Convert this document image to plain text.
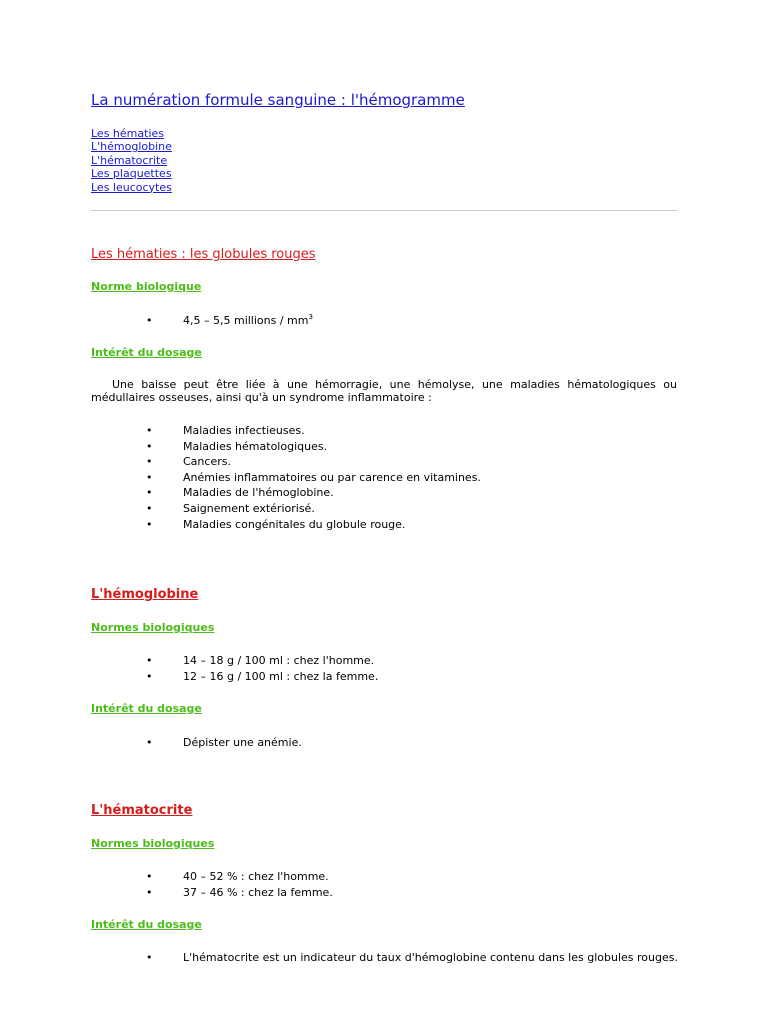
La numération formule sanguine : l'hémogramme
Les hématies
L'hémoglobine
L'hématocrite
Les plaquettes
Les leucocytes
Les hématies : les globules rouges
Norme biologique
• 4,5 – 5,5 millions / $mm^3$
Intérêt du dosage
Une baisse peut être liée à une hémorragie, une hémolyse, une maladies hématologiques ou médullaires osseuses, ainsi qu'à un syndrome inflammatoire :
• Maladies infectieuses.
• Maladies hématologiques.
• Cancers.
• Anémies inflammatoires ou par carence en vitamines.
• Maladies de l'hémoglobine.
• Saignement extériorisé.
• Maladies congénitales du globule rouge.
L'hémoglobine
Normes biologiques
• 14 – 18 g / 100 ml : chez l'homme.
• 12 – 16 g / 100 ml : chez la femme.
Intérêt du dosage
• Dépister une anémie.
L'hématocrite
Normes biologiques
• 40 – 52 % : chez l'homme.
• 37 – 46 % : chez la femme.
Intérêt du dosage
• L'hématocrite est un indicateur du taux d'hémoglobine contenu dans les globules rouges.
